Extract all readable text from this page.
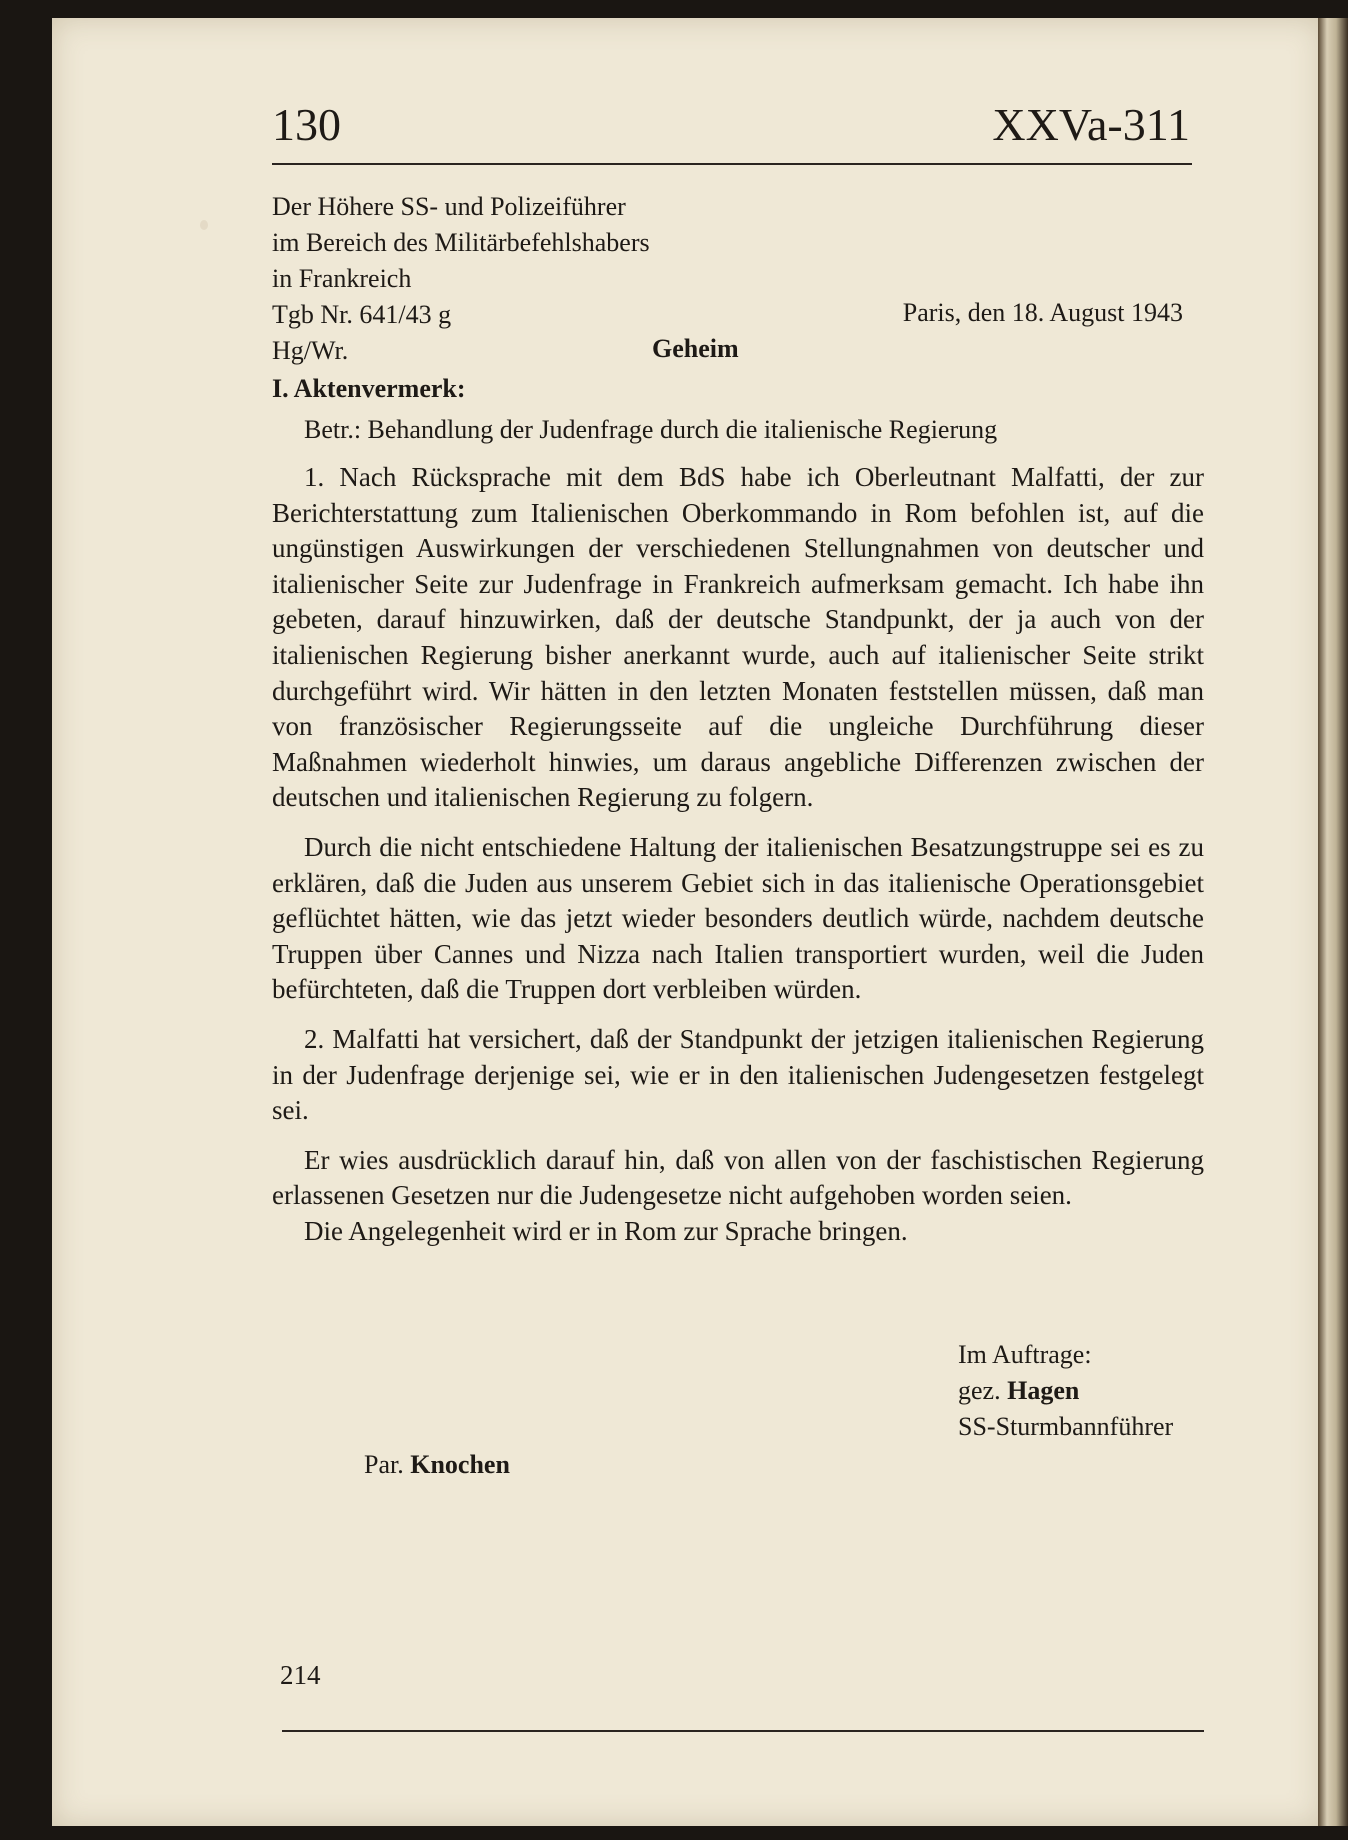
130	XXVa-311
Der Höhere SS- und Polizeiführer
im Bereich des Militärbefehlshabers
in Frankreich
Tgb Nr. 641/43 g	Paris, den 18. August 1943
Hg/Wr.	Geheim
I. Aktenvermerk:
Betr.: Behandlung der Judenfrage durch die italienische Regierung

1. Nach Rücksprache mit dem BdS habe ich Oberleutnant Malfatti, der zur Berichterstattung zum Italienischen Oberkommando in Rom befohlen ist, auf die ungünstigen Auswirkungen der verschiedenen Stellungnahmen von deutscher und italienischer Seite zur Judenfrage in Frankreich aufmerksam gemacht. Ich habe ihn gebeten, darauf hinzuwirken, daß der deutsche Standpunkt, der ja auch von der italienischen Regierung bisher anerkannt wurde, auch auf italienischer Seite strikt durchgeführt wird. Wir hätten in den letzten Monaten feststellen müssen, daß man von französischer Regierungsseite auf die ungleiche Durchführung dieser Maßnahmen wiederholt hinwies, um daraus angebliche Differenzen zwischen der deutschen und italienischen Regierung zu folgern.

Durch die nicht entschiedene Haltung der italienischen Besatzungstruppe sei es zu erklären, daß die Juden aus unserem Gebiet sich in das italienische Operationsgebiet geflüchtet hätten, wie das jetzt wieder besonders deutlich würde, nachdem deutsche Truppen über Cannes und Nizza nach Italien transportiert wurden, weil die Juden befürchteten, daß die Truppen dort verbleiben würden.

2. Malfatti hat versichert, daß der Standpunkt der jetzigen italienischen Regierung in der Judenfrage derjenige sei, wie er in den italienischen Judengesetzen festgelegt sei.

Er wies ausdrücklich darauf hin, daß von allen von der faschistischen Regierung erlassenen Gesetzen nur die Judengesetze nicht aufgehoben worden seien.

Die Angelegenheit wird er in Rom zur Sprache bringen.

Im Auftrage:
gez. Hagen
SS-Sturmbannführer
Par. Knochen
214
